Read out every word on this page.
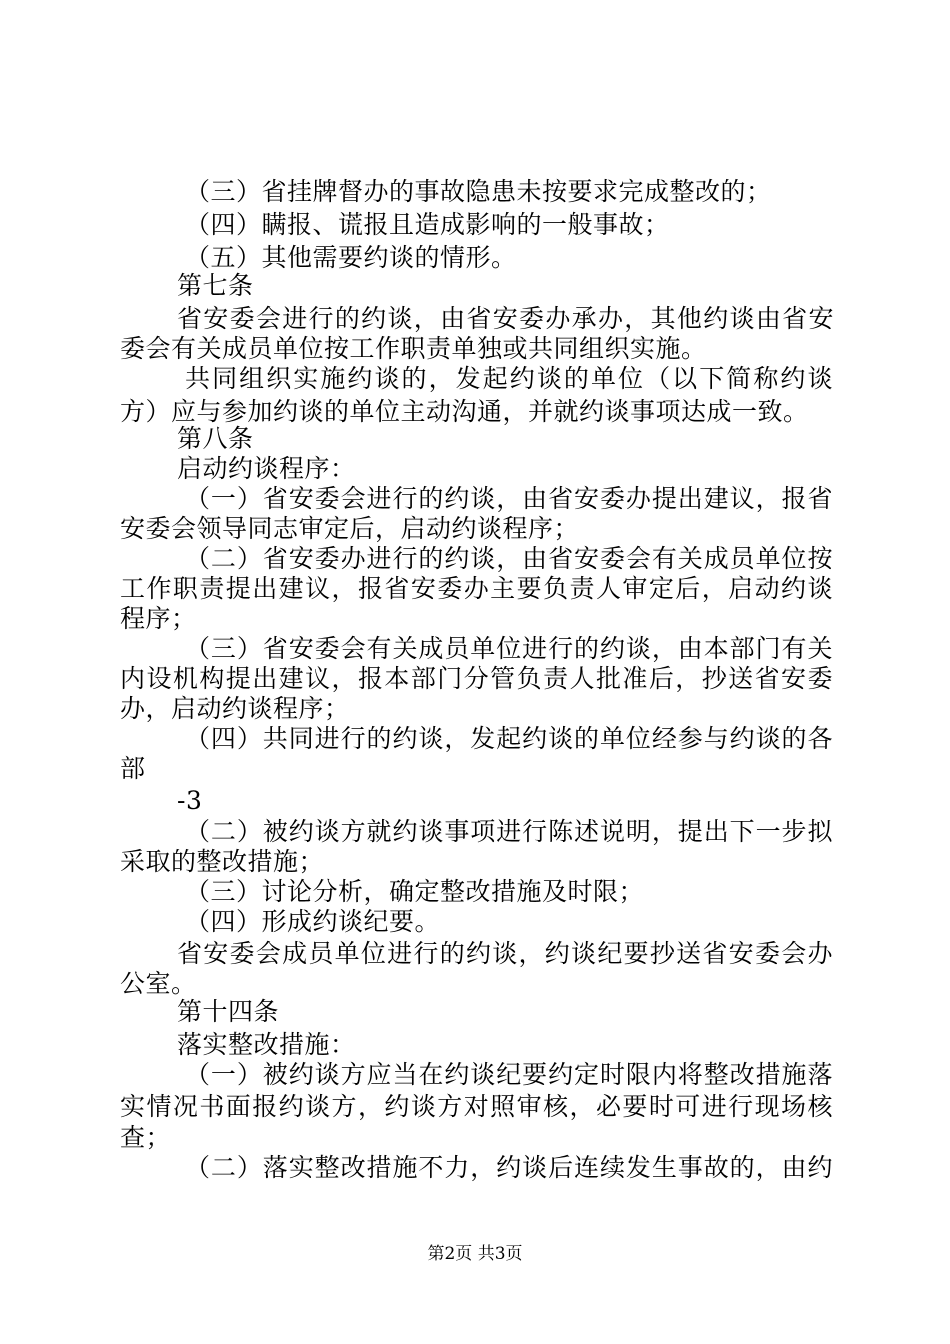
（三）省挂牌督办的事故隐患未按要求完成整改的；
（四）瞒报、谎报且造成影响的一般事故；
（五）其他需要约谈的情形。
第七条
省安委会进行的约谈，由省安委办承办，其他约谈由省安
委会有关成员单位按工作职责单独或共同组织实施。
共同组织实施约谈的，发起约谈的单位（以下简称约谈
方）应与参加约谈的单位主动沟通，并就约谈事项达成一致。
第八条
启动约谈程序：
（一）省安委会进行的约谈，由省安委办提出建议，报省
安委会领导同志审定后，启动约谈程序；
（二）省安委办进行的约谈，由省安委会有关成员单位按
工作职责提出建议，报省安委办主要负责人审定后，启动约谈
程序；
（三）省安委会有关成员单位进行的约谈，由本部门有关
内设机构提出建议，报本部门分管负责人批准后，抄送省安委
办，启动约谈程序；
（四）共同进行的约谈，发起约谈的单位经参与约谈的各
部
-3
（二）被约谈方就约谈事项进行陈述说明，提出下一步拟
采取的整改措施；
（三）讨论分析，确定整改措施及时限；
（四）形成约谈纪要。
省安委会成员单位进行的约谈，约谈纪要抄送省安委会办
公室。
第十四条
落实整改措施：
（一）被约谈方应当在约谈纪要约定时限内将整改措施落
实情况书面报约谈方，约谈方对照审核，必要时可进行现场核
查；
（二）落实整改措施不力，约谈后连续发生事故的，由约
第2页 共3页
